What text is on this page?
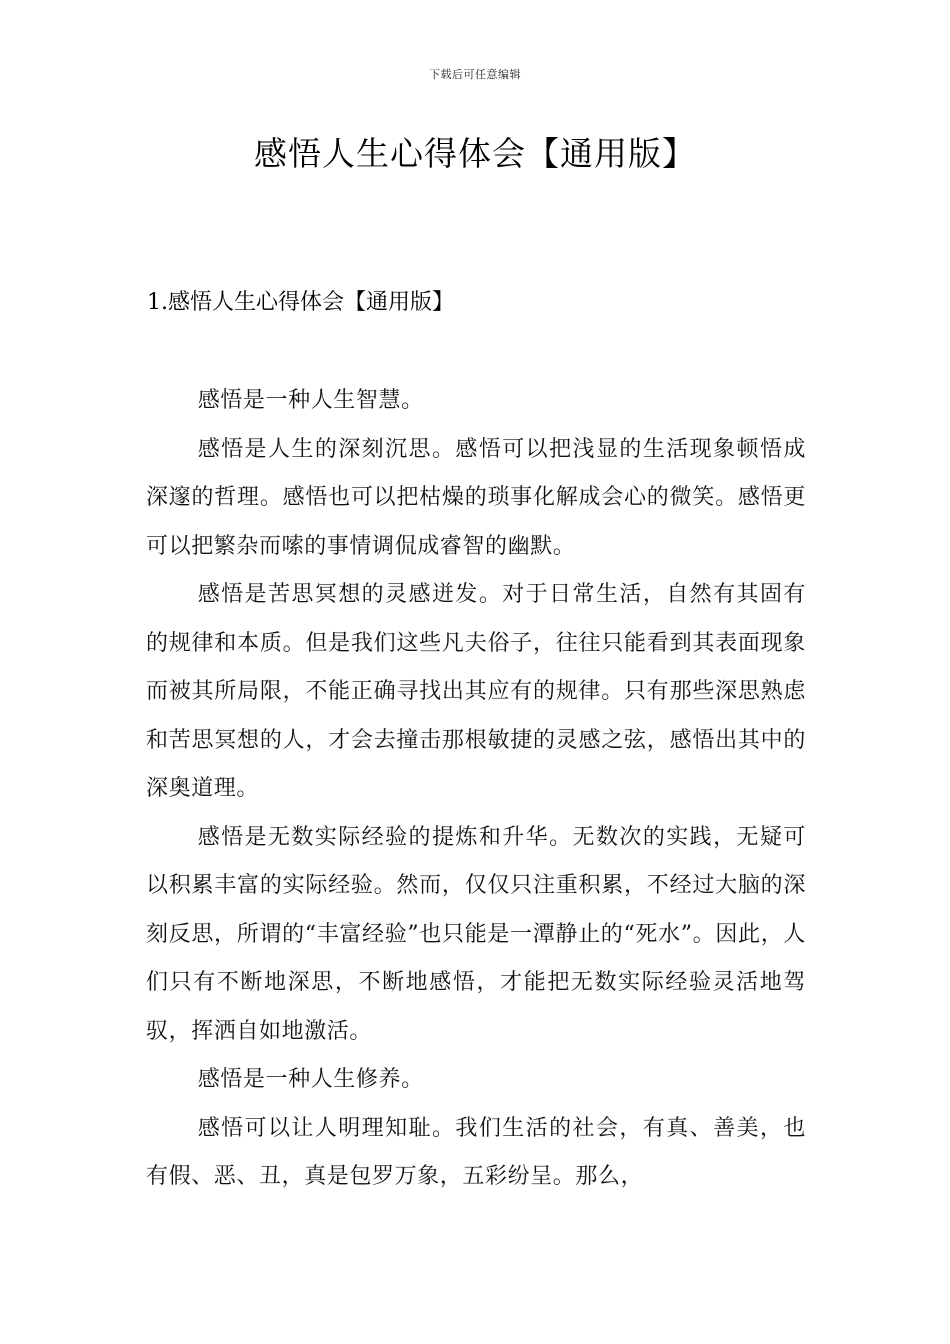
下载后可任意编辑
感悟人生心得体会【通用版】
1.感悟人生心得体会【通用版】

感悟是一种人生智慧。

感悟是人生的深刻沉思。感悟可以把浅显的生活现象顿悟成深邃的哲理。感悟也可以把枯燥的琐事化解成会心的微笑。感悟更可以把繁杂而嗦的事情调侃成睿智的幽默。

感悟是苦思冥想的灵感迸发。对于日常生活，自然有其固有的规律和本质。但是我们这些凡夫俗子，往往只能看到其表面现象而被其所局限，不能正确寻找出其应有的规律。只有那些深思熟虑和苦思冥想的人，才会去撞击那根敏捷的灵感之弦，感悟出其中的深奥道理。

感悟是无数实际经验的提炼和升华。无数次的实践，无疑可以积累丰富的实际经验。然而，仅仅只注重积累，不经过大脑的深刻反思，所谓的“丰富经验”也只能是一潭静止的“死水”。因此，人们只有不断地深思，不断地感悟，才能把无数实际经验灵活地驾驭，挥洒自如地激活。

感悟是一种人生修养。

感悟可以让人明理知耻。我们生活的社会，有真、善美，也有假、恶、丑，真是包罗万象，五彩纷呈。那么，
